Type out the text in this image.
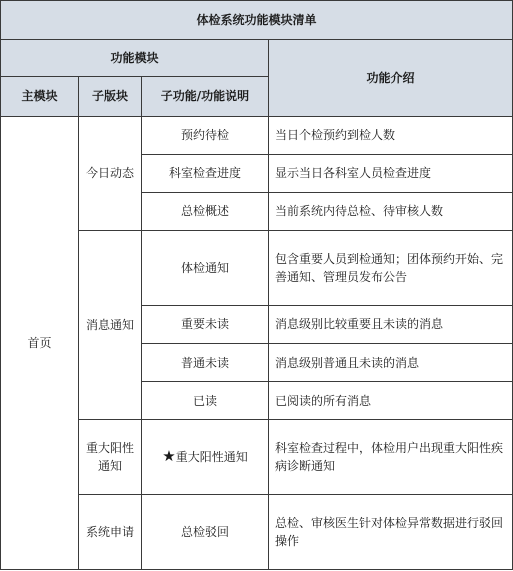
体检系统功能模块清单			
功能模块			功能介绍
主模块	子版块	子功能/功能说明	
首页	今日动态	预约待检	当日个检预约到检人数
		科室检查进度	显示当日各科室人员检查进度
		总检概述	当前系统内待总检、待审核人数
	消息通知	体检通知	包含重要人员到检通知；团体预约开始、完善通知、管理员发布公告
		重要未读	消息级别比较重要且未读的消息
		普通未读	消息级别普通且未读的消息
		已读	已阅读的所有消息
	重大阳性通知	★重大阳性通知	科室检查过程中，体检用户出现重大阳性疾病诊断通知
	系统申请	总检驳回	总检、审核医生针对体检异常数据进行驳回操作
